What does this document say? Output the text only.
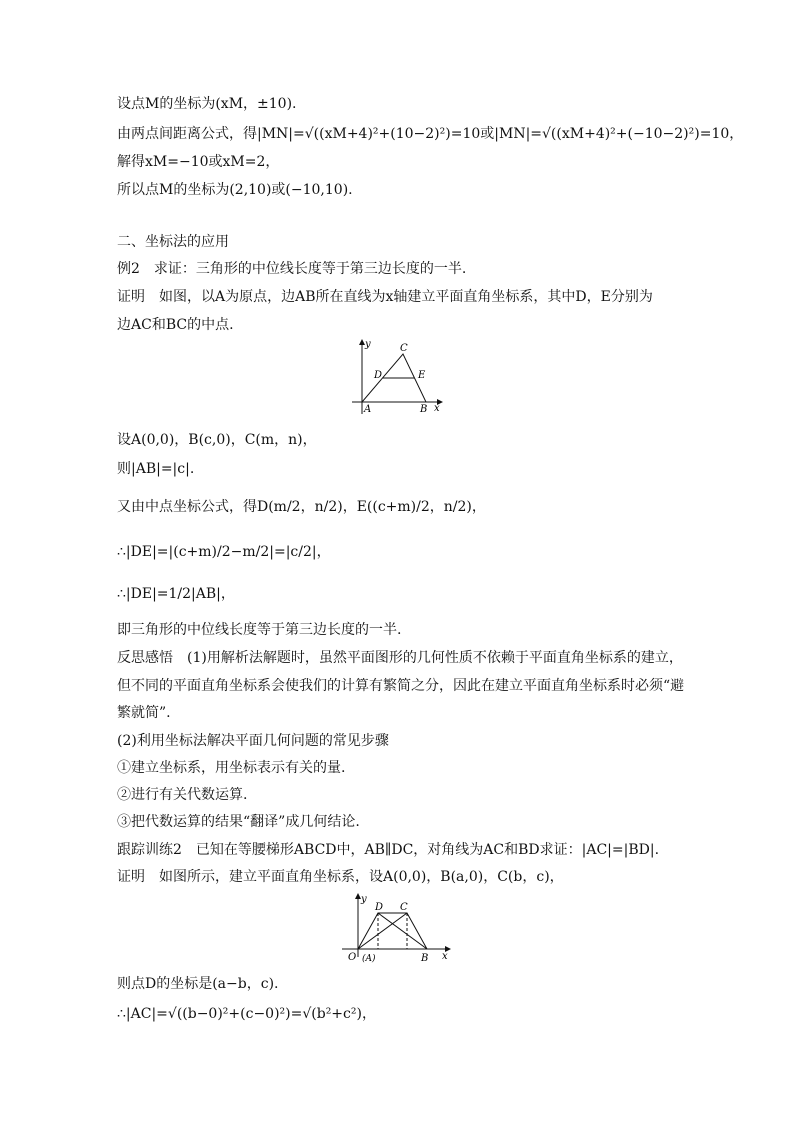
设点M的坐标为(xM，±10).
由两点间距离公式，得|MN|=√((xM+4)²+(10−2)²)=10或|MN|=√((xM+4)²+(−10−2)²)=10，
解得xM=−10或xM=2，
所以点M的坐标为(2,10)或(−10,10).
二、坐标法的应用
例2　求证：三角形的中位线长度等于第三边长度的一半.
证明　如图，以A为原点，边AB所在直线为x轴建立平面直角坐标系，其中D，E分别为
边AC和BC的中点.
y
x
A	B
C
D	E
设A(0,0)，B(c,0)，C(m，n)，
则|AB|=|c|.
又由中点坐标公式，得D(m/2，n/2)，E((c+m)/2，n/2)，
∴|DE|=|(c+m)/2−m/2|=|c/2|，
∴|DE|=1/2|AB|，
即三角形的中位线长度等于第三边长度的一半.
反思感悟　(1)用解析法解题时，虽然平面图形的几何性质不依赖于平面直角坐标系的建立，
但不同的平面直角坐标系会使我们的计算有繁简之分，因此在建立平面直角坐标系时必须“避
繁就简”.
(2)利用坐标法解决平面几何问题的常见步骤
①建立坐标系，用坐标表示有关的量.
②进行有关代数运算.
③把代数运算的结果“翻译”成几何结论.
跟踪训练2　已知在等腰梯形ABCD中，AB∥DC，对角线为AC和BD求证：|AC|=|BD|.
证明　如图所示，建立平面直角坐标系，设A(0,0)，B(a,0)，C(b，c)，
y
x
O (A)	B
C
D
则点D的坐标是(a−b，c).
∴|AC|=√((b−0)²+(c−0)²)=√(b²+c²)，
